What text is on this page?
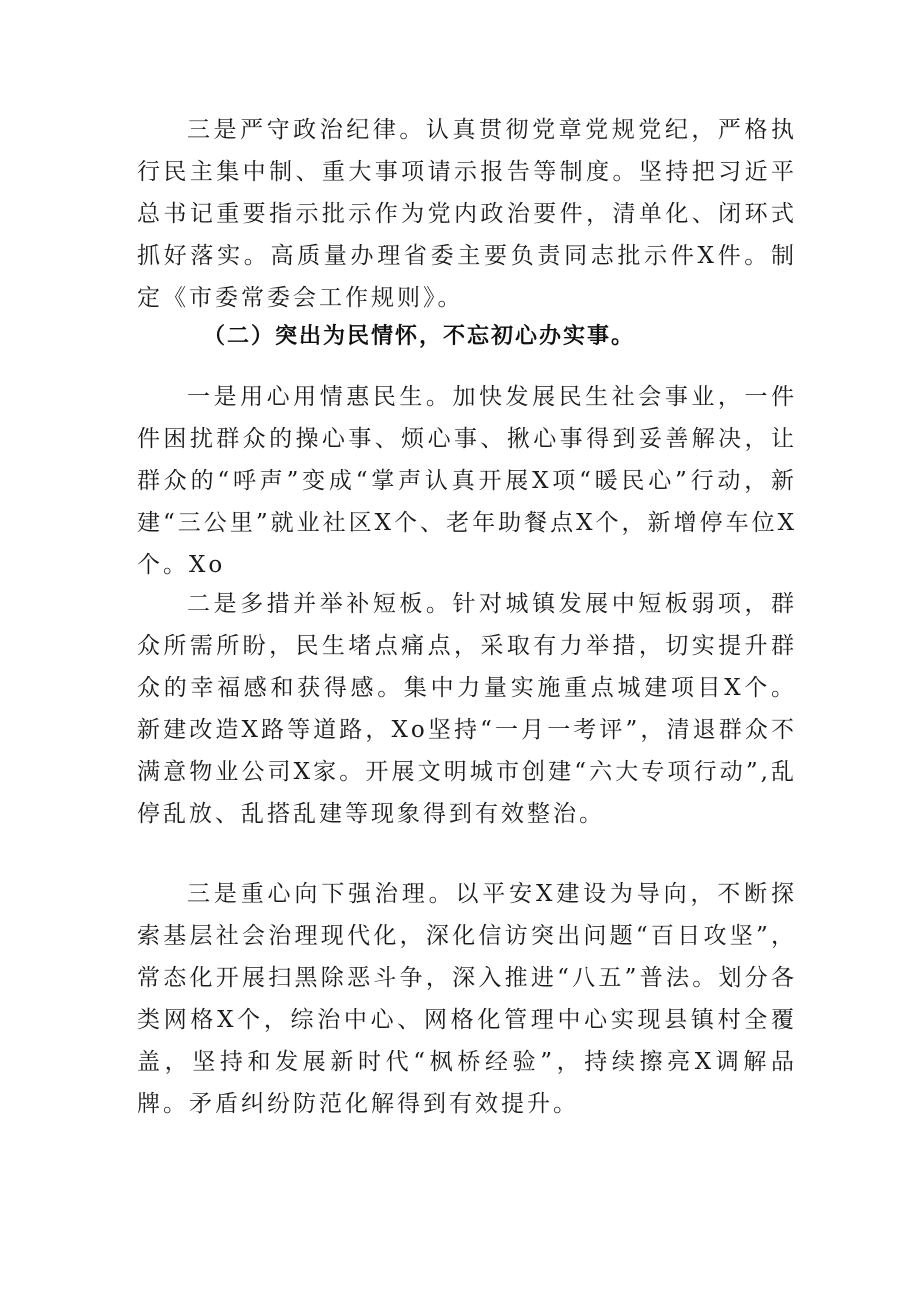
三是严守政治纪律。认真贯彻党章党规党纪，严格执行民主集中制、重大事项请示报告等制度。坚持把习近平总书记重要指示批示作为党内政治要件，清单化、闭环式抓好落实。高质量办理省委主要负责同志批示件X件。制定《市委常委会工作规则》。

（二）突出为民情怀，不忘初心办实事。

一是用心用情惠民生。加快发展民生社会事业，一件件困扰群众的操心事、烦心事、揪心事得到妥善解决，让群众的“呼声”变成“掌声认真开展X项“暖民心”行动，新建“三公里”就业社区X个、老年助餐点X个，新增停车位X个。Xo

二是多措并举补短板。针对城镇发展中短板弱项，群众所需所盼，民生堵点痛点，采取有力举措，切实提升群众的幸福感和获得感。集中力量实施重点城建项目X个。新建改造X路等道路，Xo坚持“一月一考评”，清退群众不满意物业公司X家。开展文明城市创建“六大专项行动”,乱停乱放、乱搭乱建等现象得到有效整治。

三是重心向下强治理。以平安X建设为导向，不断探索基层社会治理现代化，深化信访突出问题“百日攻坚”，常态化开展扫黑除恶斗争，深入推进“八五”普法。划分各类网格X个，综治中心、网格化管理中心实现县镇村全覆盖，坚持和发展新时代“枫桥经验”，持续擦亮X调解品牌。矛盾纠纷防范化解得到有效提升。
